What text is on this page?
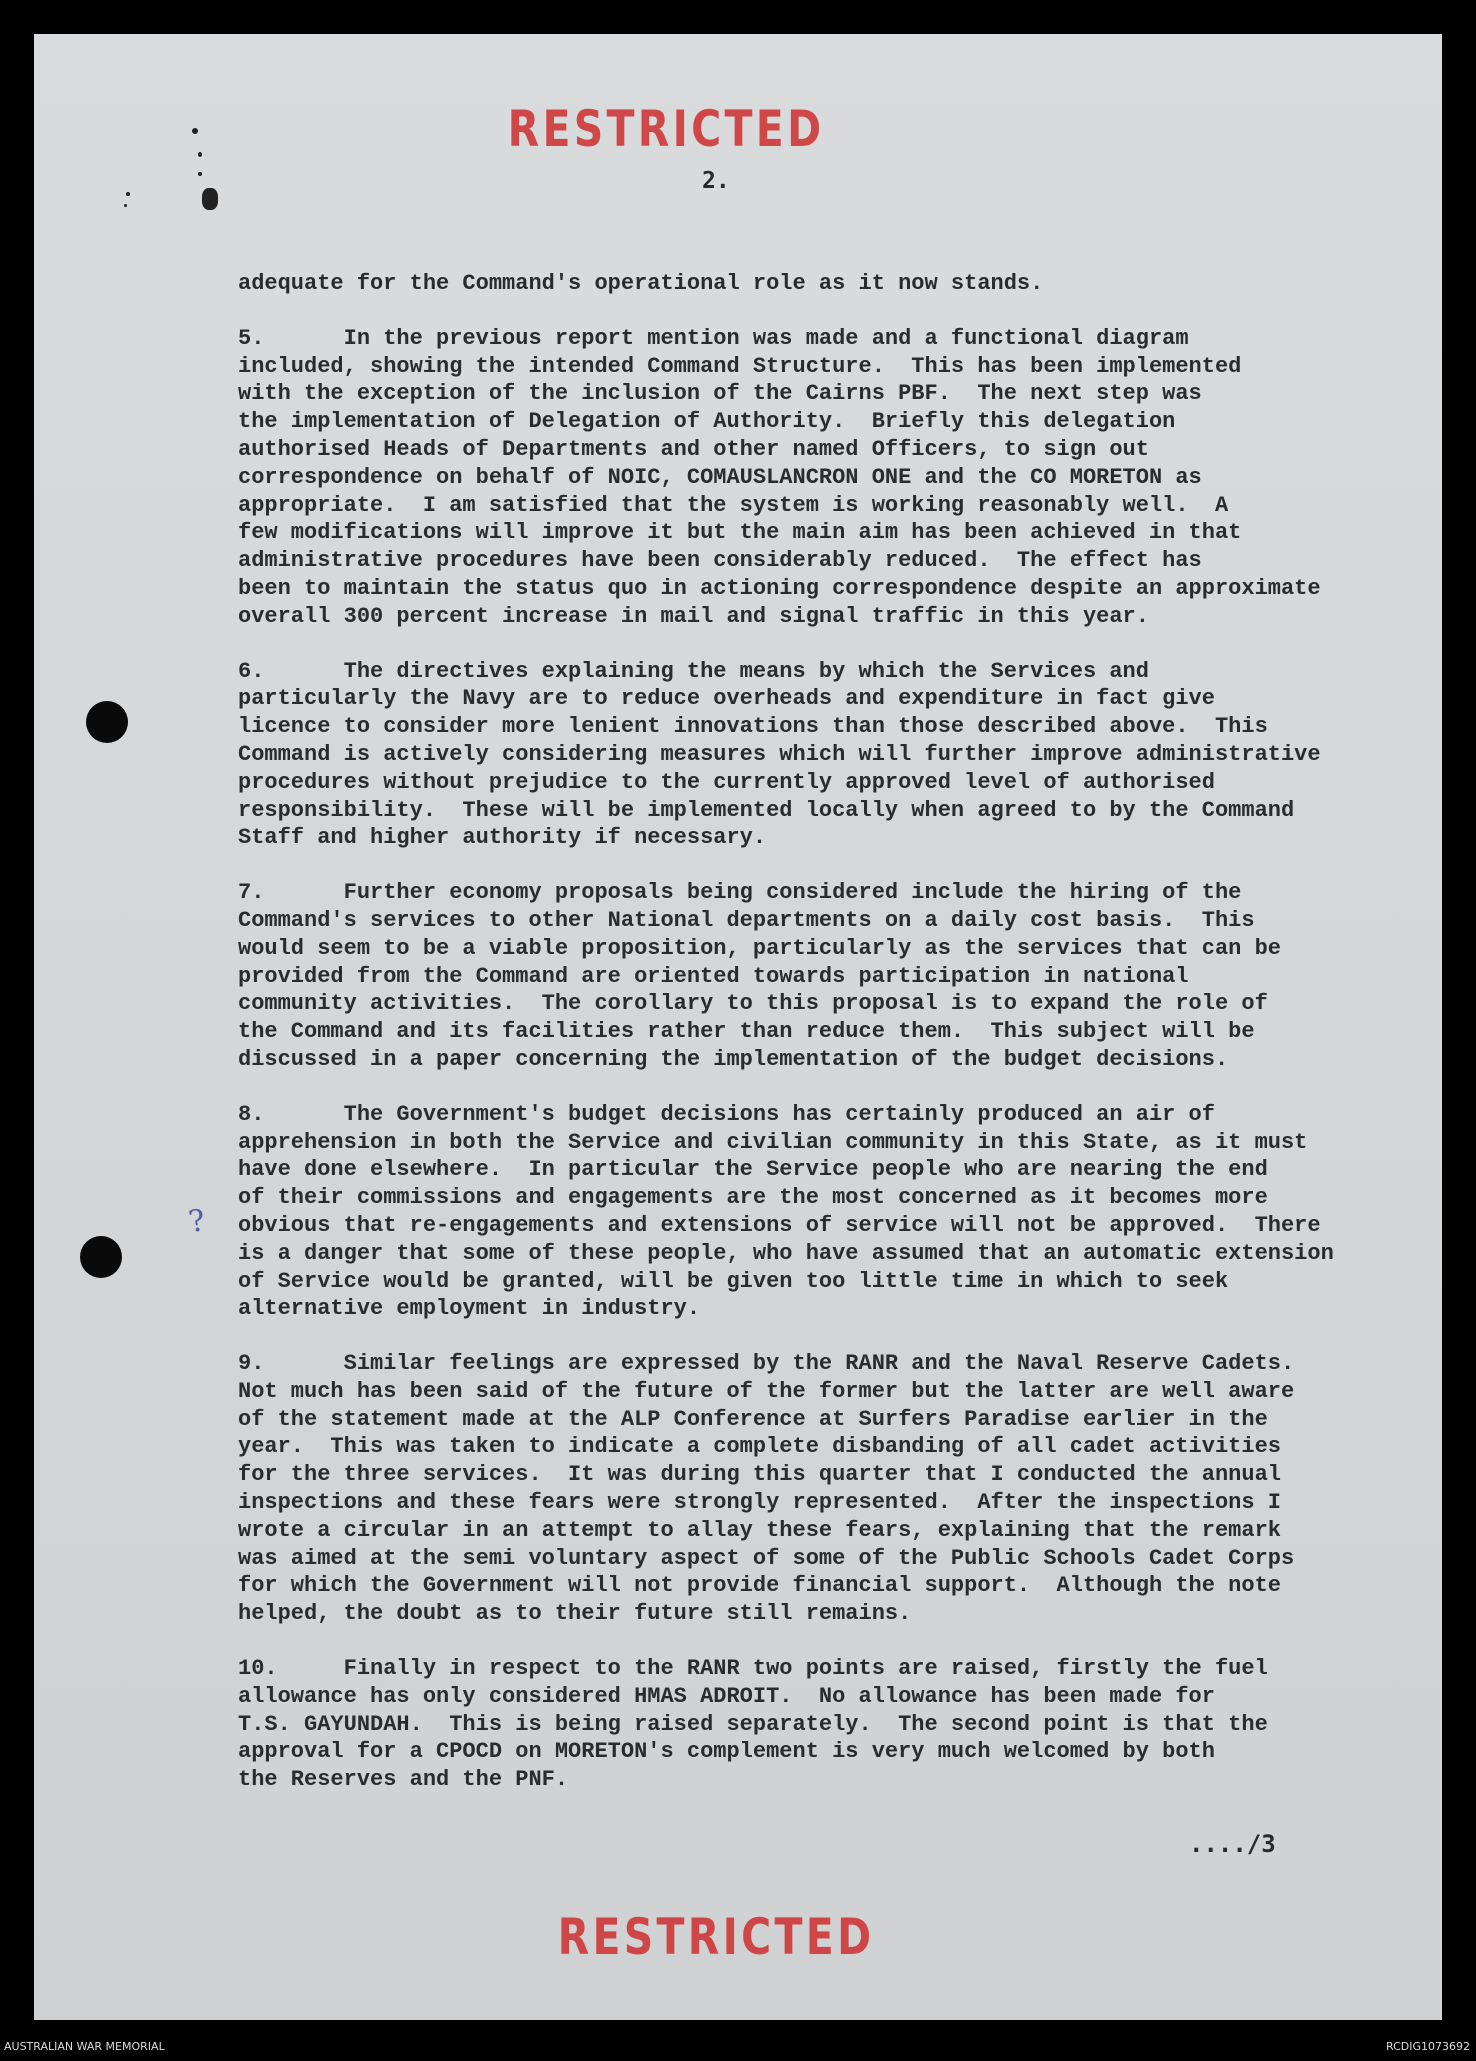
RESTRICTED
2.
adequate for the Command's operational role as it now stands.
5.      In the previous report mention was made and a functional diagram
included, showing the intended Command Structure.  This has been implemented
with the exception of the inclusion of the Cairns PBF.  The next step was
the implementation of Delegation of Authority.  Briefly this delegation
authorised Heads of Departments and other named Officers, to sign out
correspondence on behalf of NOIC, COMAUSLANCRON ONE and the CO MORETON as
appropriate.  I am satisfied that the system is working reasonably well.  A
few modifications will improve it but the main aim has been achieved in that
administrative procedures have been considerably reduced.  The effect has
been to maintain the status quo in actioning correspondence despite an approximate
overall 300 percent increase in mail and signal traffic in this year.
6.      The directives explaining the means by which the Services and
particularly the Navy are to reduce overheads and expenditure in fact give
licence to consider more lenient innovations than those described above.  This
Command is actively considering measures which will further improve administrative
procedures without prejudice to the currently approved level of authorised
responsibility.  These will be implemented locally when agreed to by the Command
Staff and higher authority if necessary.
7.      Further economy proposals being considered include the hiring of the
Command's services to other National departments on a daily cost basis.  This
would seem to be a viable proposition, particularly as the services that can be
provided from the Command are oriented towards participation in national
community activities.  The corollary to this proposal is to expand the role of
the Command and its facilities rather than reduce them.  This subject will be
discussed in a paper concerning the implementation of the budget decisions.
8.      The Government's budget decisions has certainly produced an air of
apprehension in both the Service and civilian community in this State, as it must
have done elsewhere.  In particular the Service people who are nearing the end
of their commissions and engagements are the most concerned as it becomes more
obvious that re-engagements and extensions of service will not be approved.  There
is a danger that some of these people, who have assumed that an automatic extension
of Service would be granted, will be given too little time in which to seek
alternative employment in industry.
9.      Similar feelings are expressed by the RANR and the Naval Reserve Cadets.
Not much has been said of the future of the former but the latter are well aware
of the statement made at the ALP Conference at Surfers Paradise earlier in the
year.  This was taken to indicate a complete disbanding of all cadet activities
for the three services.  It was during this quarter that I conducted the annual
inspections and these fears were strongly represented.  After the inspections I
wrote a circular in an attempt to allay these fears, explaining that the remark
was aimed at the semi voluntary aspect of some of the Public Schools Cadet Corps
for which the Government will not provide financial support.  Although the note
helped, the doubt as to their future still remains.
10.     Finally in respect to the RANR two points are raised, firstly the fuel
allowance has only considered HMAS ADROIT.  No allowance has been made for
T.S. GAYUNDAH.  This is being raised separately.  The second point is that the
approval for a CPOCD on MORETON's complement is very much welcomed by both
the Reserves and the PNF.
?
..../3
RESTRICTED
AUSTRALIAN WAR MEMORIAL	RCDIG1073692
